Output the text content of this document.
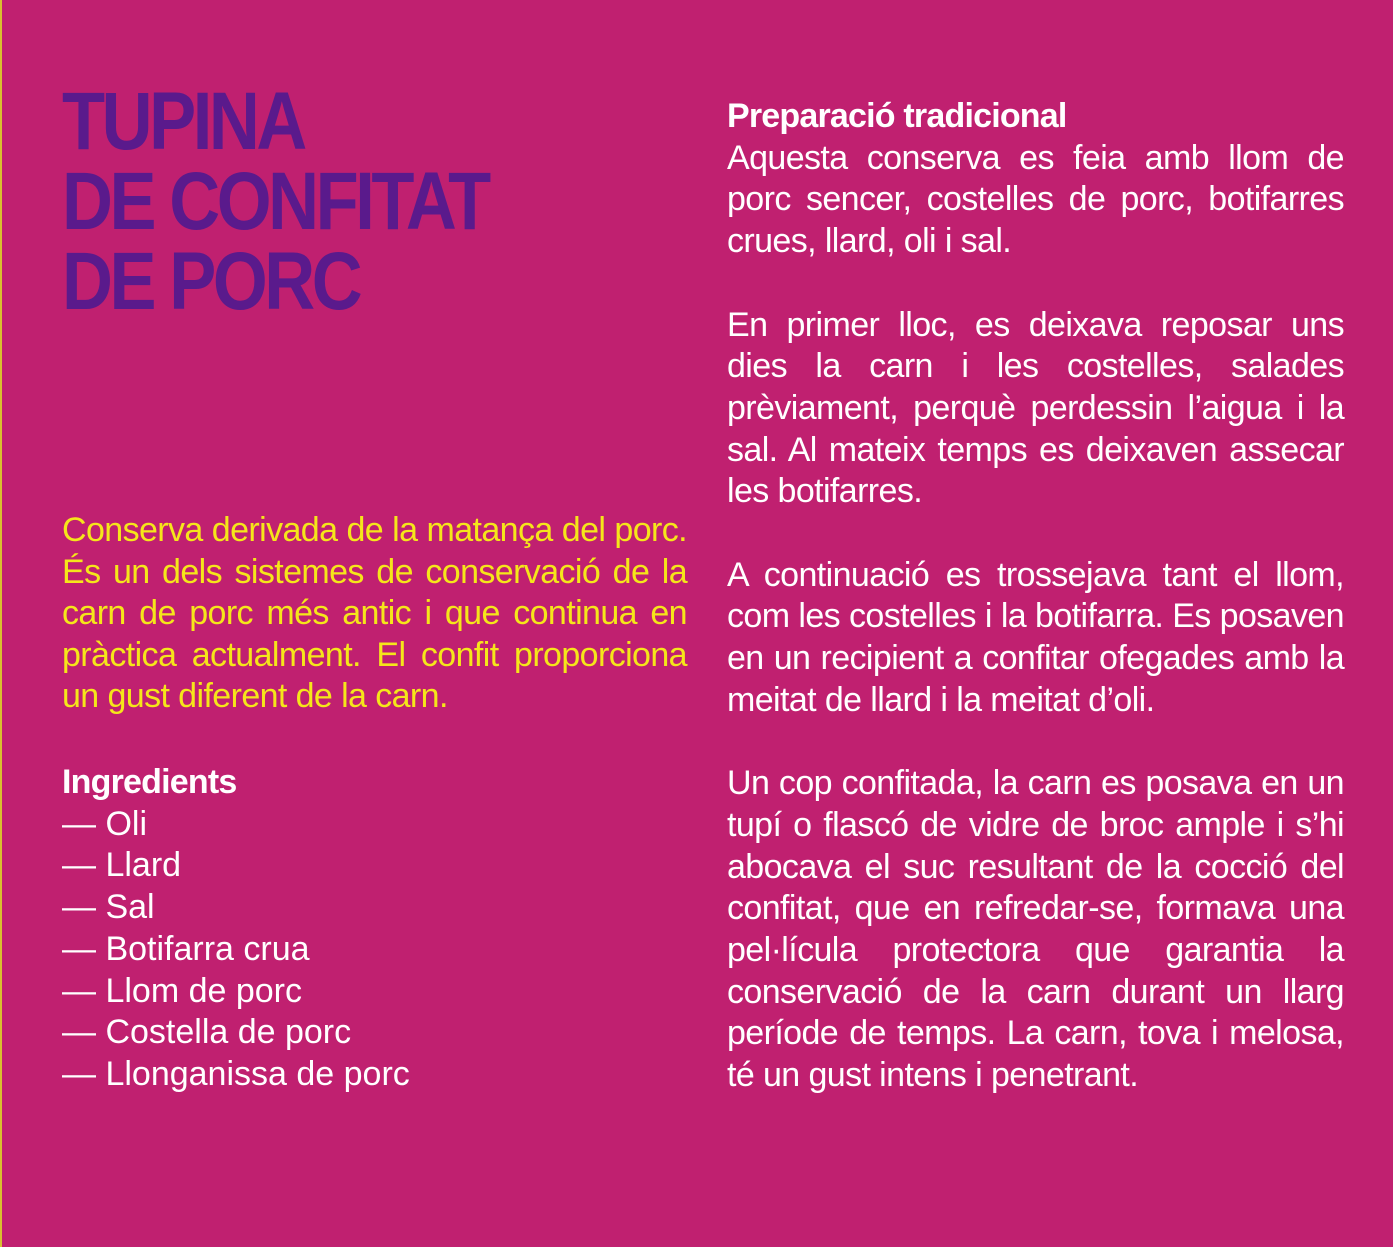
TUPINA
DE CONFITAT
DE PORC

Conserva derivada de la matança del porc. És un dels sistemes de conservació de la carn de porc més antic i que continua en pràctica actualment. El confit proporciona un gust diferent de la carn.

Ingredients
— Oli
— Llard
— Sal
— Botifarra crua
— Llom de porc
— Costella de porc
— Llonganissa de porc
Preparació tradicional

Aquesta conserva es feia amb llom de porc sencer, costelles de porc, botifarres crues, llard, oli i sal.

En primer lloc, es deixava reposar uns dies la carn i les costelles, salades prèviament, perquè perdessin l’aigua i la sal. Al mateix temps es deixaven assecar les botifarres.

A continuació es trossejava tant el llom, com les costelles i la botifarra. Es posaven en un recipient a confitar ofegades amb la meitat de llard i la meitat d’oli.

Un cop confitada, la carn es posava en un tupí o flascó de vidre de broc ample i s’hi abocava el suc resultant de la cocció del confitat, que en refredar-se, formava una pel·lícula protectora que garantia la conservació de la carn durant un llarg període de temps. La carn, tova i melosa, té un gust intens i penetrant.
